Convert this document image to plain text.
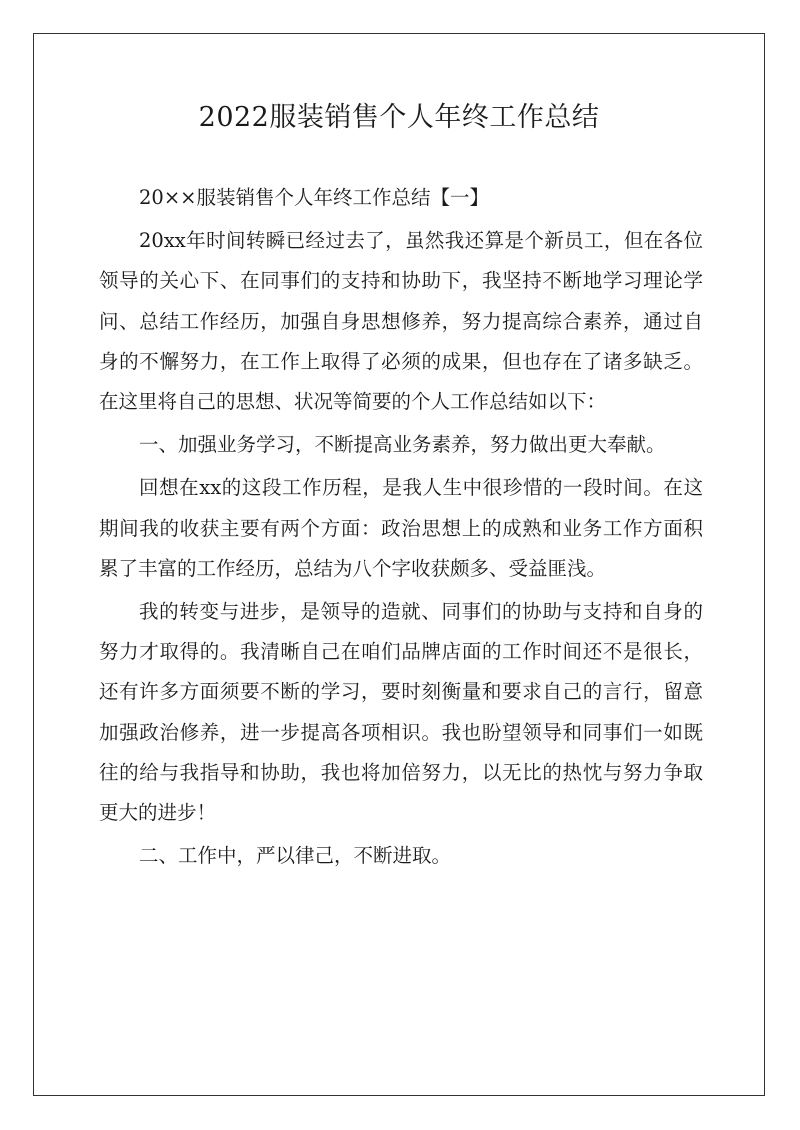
2022服装销售个人年终工作总结

20××服装销售个人年终工作总结【一】

20xx年时间转瞬已经过去了，虽然我还算是个新员工，但在各位领导的关心下、在同事们的支持和协助下，我坚持不断地学习理论学问、总结工作经历，加强自身思想修养，努力提高综合素养，通过自身的不懈努力，在工作上取得了必须的成果，但也存在了诸多缺乏。在这里将自己的思想、状况等简要的个人工作总结如以下：

一、加强业务学习，不断提高业务素养，努力做出更大奉献。

回想在xx的这段工作历程，是我人生中很珍惜的一段时间。在这期间我的收获主要有两个方面：政治思想上的成熟和业务工作方面积累了丰富的工作经历，总结为八个字收获颇多、受益匪浅。

我的转变与进步，是领导的造就、同事们的协助与支持和自身的努力才取得的。我清晰自己在咱们品牌店面的工作时间还不是很长，还有许多方面须要不断的学习，要时刻衡量和要求自己的言行，留意加强政治修养，进一步提高各项相识。我也盼望领导和同事们一如既往的给与我指导和协助，我也将加倍努力，以无比的热忱与努力争取更大的进步！

二、工作中，严以律己，不断进取。
